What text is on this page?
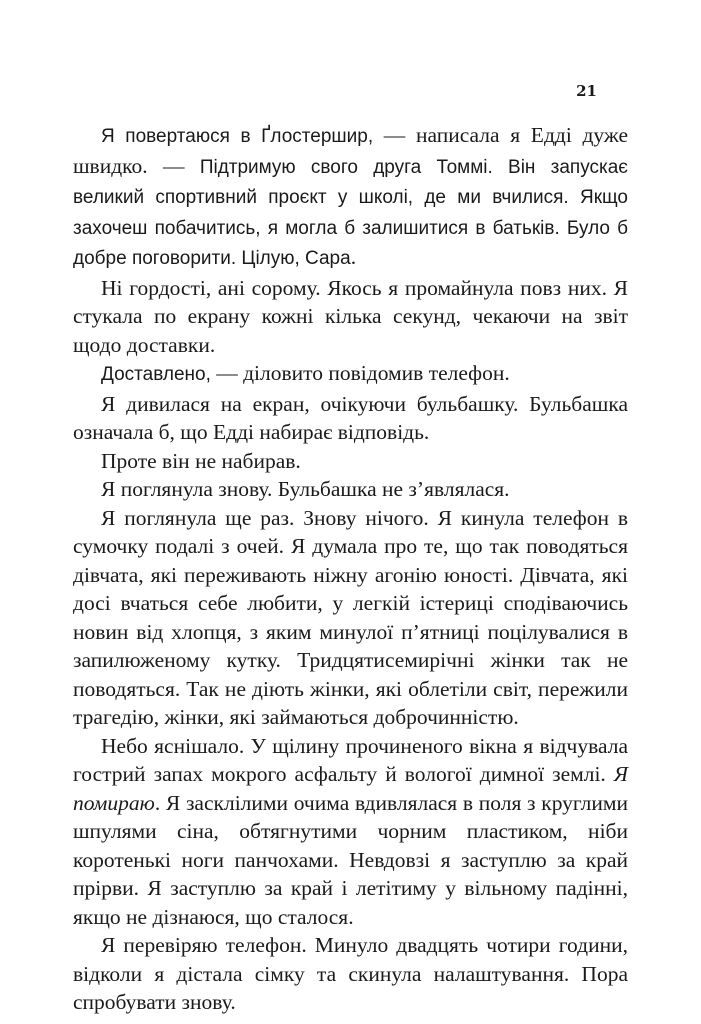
21

Я повертаюся в Ґлостершир, — написала я Едді дуже швидко. — Підтримую свого друга Томмі. Він запускає великий спортивний проєкт у школі, де ми вчилися. Якщо захочеш побачитись, я могла б залишитися в батьків. Було б добре поговорити. Цілую, Сара.

Ні гордості, ані сорому. Якось я промайнула повз них. Я стукала по екрану кожні кілька секунд, чекаючи на звіт щодо доставки.

Доставлено, — діловито повідомив телефон.

Я дивилася на екран, очікуючи бульбашку. Бульбашка означала б, що Едді набирає відповідь.

Проте він не набирав.

Я поглянула знову. Бульбашка не з’являлася.

Я поглянула ще раз. Знову нічого. Я кинула телефон в сумочку подалі з очей. Я думала про те, що так поводяться дівчата, які переживають ніжну агонію юності. Дівчата, які досі вчаться себе любити, у легкій істериці сподіваючись новин від хлопця, з яким минулої п’ятниці поцілувалися в запилюженому кутку. Тридцятисемирічні жінки так не поводяться. Так не діють жінки, які облетіли світ, пережили трагедію, жінки, які займаються доброчинністю.

Небо яснішало. У щілину прочиненого вікна я відчувала гострий запах мокрого асфальту й вологої димної землі. Я помираю. Я засклілими очима вдивлялася в поля з круглими шпулями сіна, обтягнутими чорним пластиком, ніби коротенькі ноги панчохами. Невдовзі я заступлю за край прірви. Я заступлю за край і летітиму у вільному падінні, якщо не дізнаюся, що сталося.

Я перевіряю телефон. Минуло двадцять чотири години, відколи я дістала сімку та скинула налаштування. Пора спробувати знову.
